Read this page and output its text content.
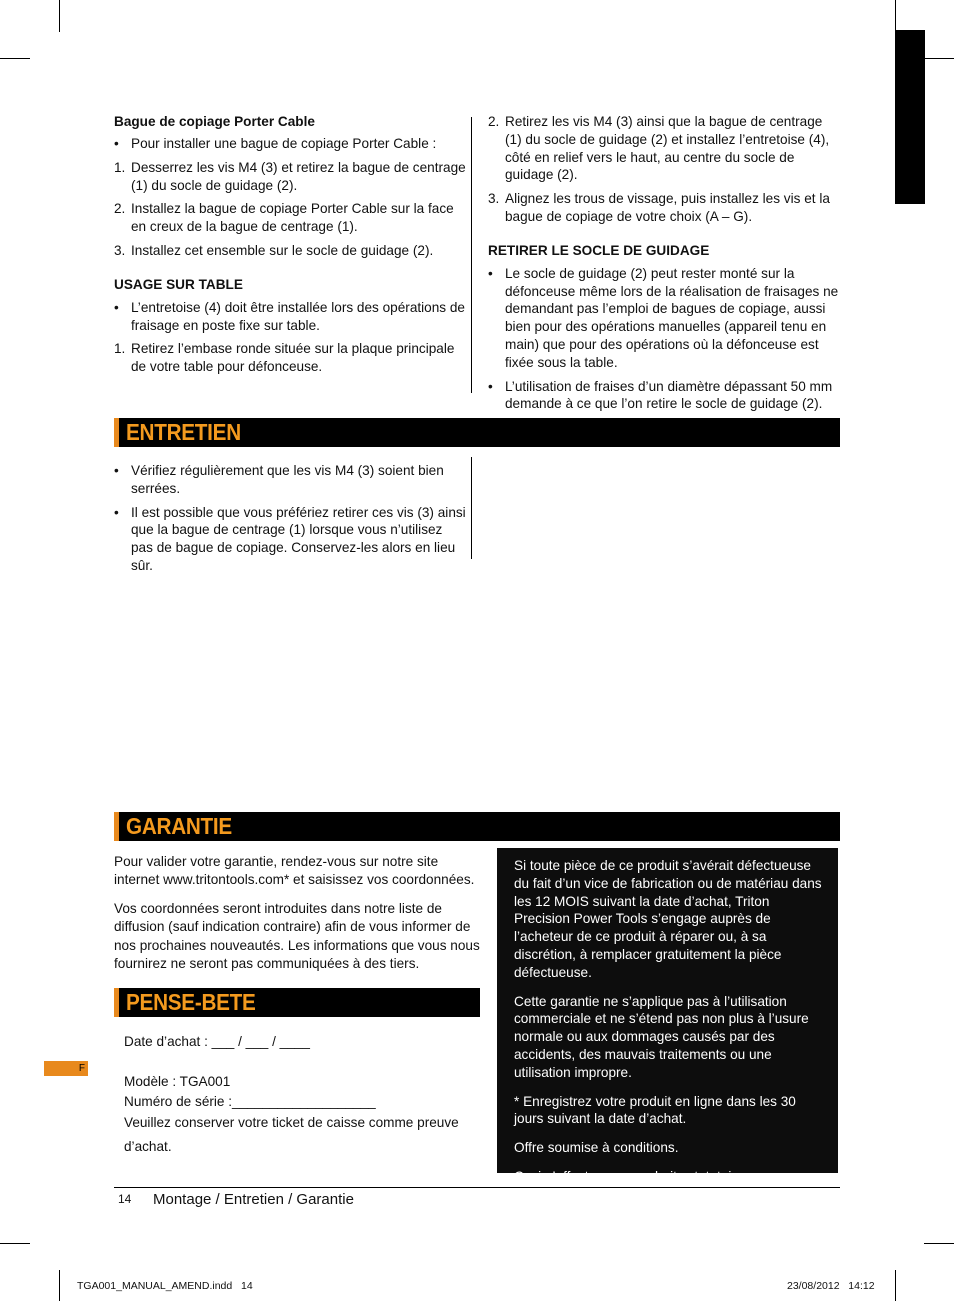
Bague de copiage Porter Cable
• Pour installer une bague de copiage Porter Cable :
1. Desserrez les vis M4 (3) et retirez la bague de centrage (1) du socle de guidage (2).
2. Installez la bague de copiage Porter Cable sur la face en creux de la bague de centrage (1).
3. Installez cet ensemble sur le socle de guidage (2).
USAGE SUR TABLE
• L’entretoise (4) doit être installée lors des opérations de fraisage en poste fixe sur table.
1. Retirez l’embase ronde située sur la plaque principale de votre table pour défonceuse.
2. Retirez les vis M4 (3) ainsi que la bague de centrage (1) du socle de guidage (2) et installez l’entretoise (4), côté en relief vers le haut, au centre du socle de guidage (2).
3. Alignez les trous de vissage, puis installez les vis et la bague de copiage de votre choix (A – G).
RETIRER LE SOCLE DE GUIDAGE
• Le socle de guidage (2) peut rester monté sur la défonceuse même lors de la réalisation de fraisages ne demandant pas l’emploi de bagues de copiage, aussi bien pour des opérations manuelles (appareil tenu en main) que pour des opérations où la défonceuse est fixée sous la table.
• L’utilisation de fraises d’un diamètre dépassant 50 mm demande à ce que l’on retire le socle de guidage (2).
ENTRETIEN
• Vérifiez régulièrement que les vis M4 (3) soient bien serrées.
• Il est possible que vous préfériez retirer ces vis (3) ainsi que la bague de centrage (1) lorsque vous n’utilisez pas de bague de copiage. Conservez-les alors en lieu sûr.
GARANTIE

Pour valider votre garantie, rendez-vous sur notre site internet www.tritontools.com* et saisissez vos coordonnées.

Vos coordonnées seront introduites dans notre liste de diffusion (sauf indication contraire) afin de vous informer de nos prochaines nouveautés. Les informations que vous nous fournirez ne seront pas communiquées à des tiers.

Si toute pièce de ce produit s’avérait défectueuse du fait d’un vice de fabrication ou de matériau dans les 12 MOIS suivant la date d’achat, Triton Precision Power Tools s’engage auprès de l’acheteur de ce produit à réparer ou, à sa discrétion, à remplacer gratuitement la pièce défectueuse.

Cette garantie ne s’applique pas à l’utilisation commerciale et ne s’étend pas non plus à l’usure normale ou aux dommages causés par des accidents, des mauvais traitements ou une utilisation impropre.

* Enregistrez votre produit en ligne dans les 30 jours suivant la date d’achat.

Offre soumise à conditions.

Ceci n’affecte pas vos droits statutaires

PENSE-BETE
Date d’achat : ___ / ___ / ____
Modèle : TGA001
Numéro de série :___________________
Veuillez conserver votre ticket de caisse comme preuve d’achat.
F
14 Montage / Entretien / Garantie
TGA001_MANUAL_AMEND.indd   14	23/08/2012   14:12
